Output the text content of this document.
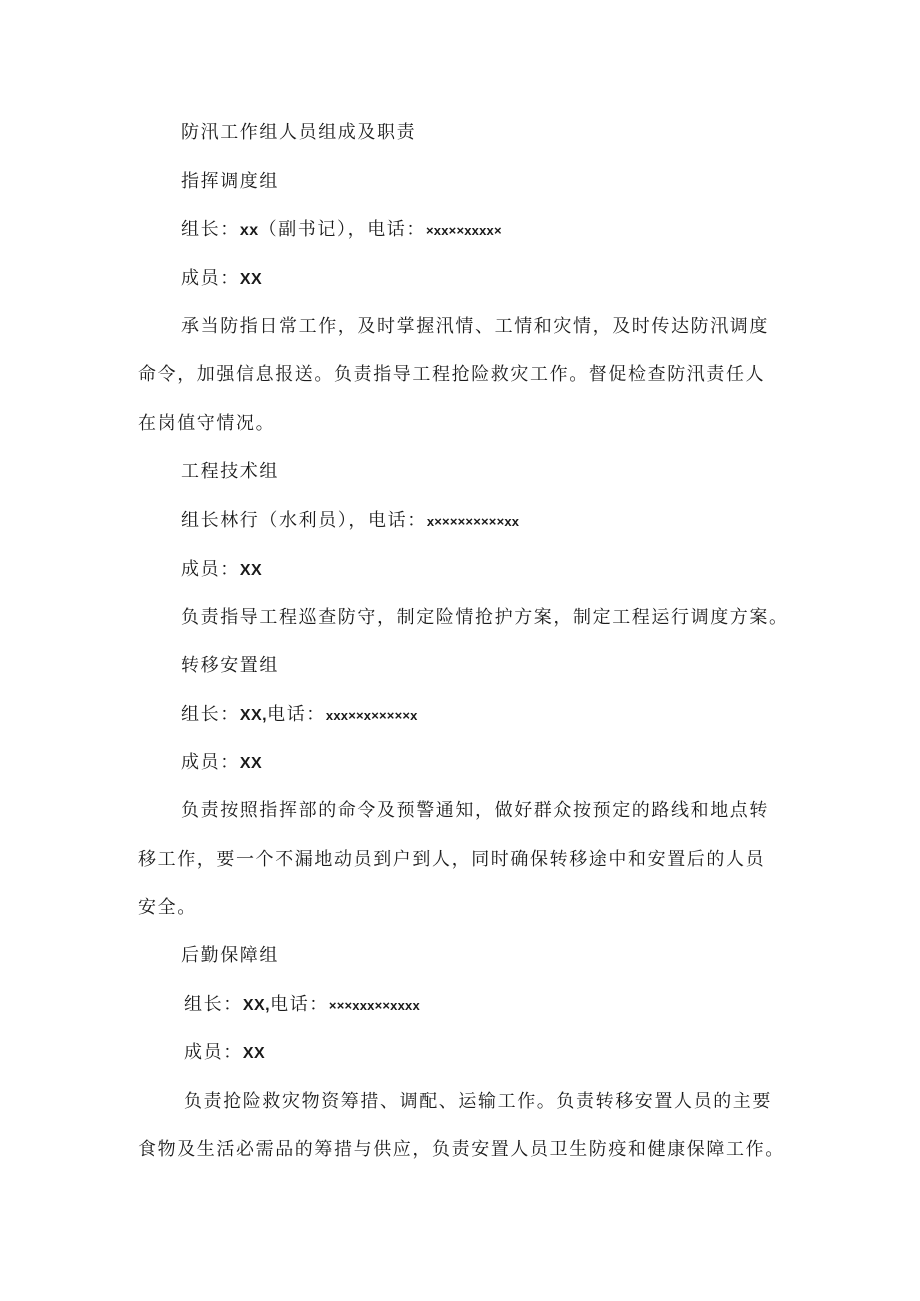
防汛工作组人员组成及职责
指挥调度组
组长：xx（副书记），电话：×xx××xxxx×
成员：XX
承当防指日常工作，及时掌握汛情、工情和灾情，及时传达防汛调度
命令，加强信息报送。负责指导工程抢险救灾工作。督促检查防汛责任人
在岗值守情况。
工程技术组
组长林行（水利员），电话：x×××××××××xx
成员：XX
负责指导工程巡查防守，制定险情抢护方案，制定工程运行调度方案。
转移安置组
组长：XX,电话：xxx××x×××××x
成员：XX
负责按照指挥部的命令及预警通知，做好群众按预定的路线和地点转
移工作，要一个不漏地动员到户到人，同时确保转移途中和安置后的人员
安全。
后勤保障组
组长：XX,电话：×××xxx××xxxx
成员：XX
负责抢险救灾物资筹措、调配、运输工作。负责转移安置人员的主要
食物及生活必需品的筹措与供应，负责安置人员卫生防疫和健康保障工作。
